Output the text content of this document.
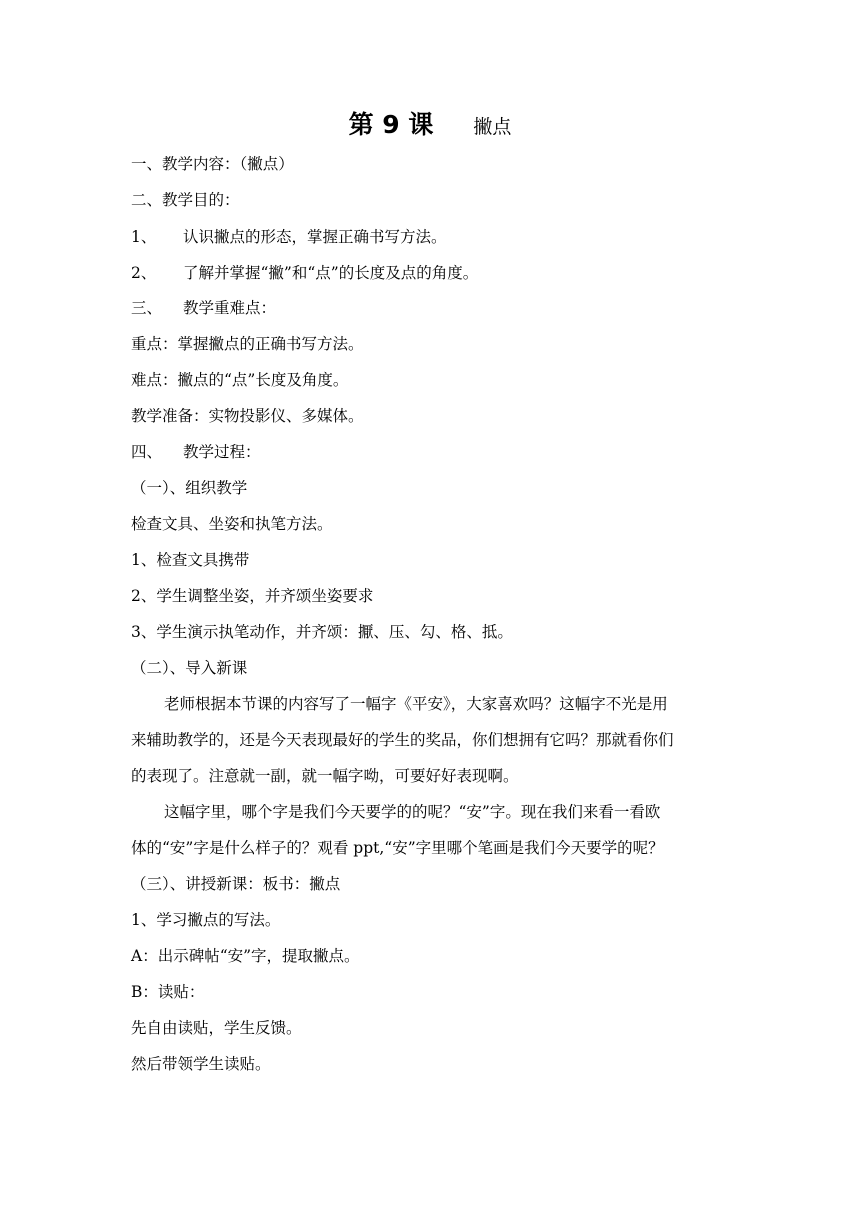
第 9 课 撇点
一、教学内容：（撇点）
二、教学目的：
1、 认识撇点的形态，掌握正确书写方法。
2、 了解并掌握“撇”和“点”的长度及点的角度。
三、 教学重难点：
重点：掌握撇点的正确书写方法。
难点：撇点的“点”长度及角度。
教学准备：实物投影仪、多媒体。
四、 教学过程：
（一）、组织教学
检查文具、坐姿和执笔方法。
1、检查文具携带
2、学生调整坐姿，并齐颂坐姿要求
3、学生演示执笔动作，并齐颂：擫、压、勾、格、抵。
（二）、导入新课
老师根据本节课的内容写了一幅字《平安》，大家喜欢吗？这幅字不光是用
来辅助教学的，还是今天表现最好的学生的奖品，你们想拥有它吗？那就看你们
的表现了。注意就一副，就一幅字呦，可要好好表现啊。
这幅字里，哪个字是我们今天要学的的呢？“安”字。现在我们来看一看欧
体的“安”字是什么样子的？观看 ppt,“安”字里哪个笔画是我们今天要学的呢？
（三）、讲授新课：板书：撇点
1、学习撇点的写法。
A：出示碑帖“安”字，提取撇点。
B：读贴：
先自由读贴，学生反馈。
然后带领学生读贴。
